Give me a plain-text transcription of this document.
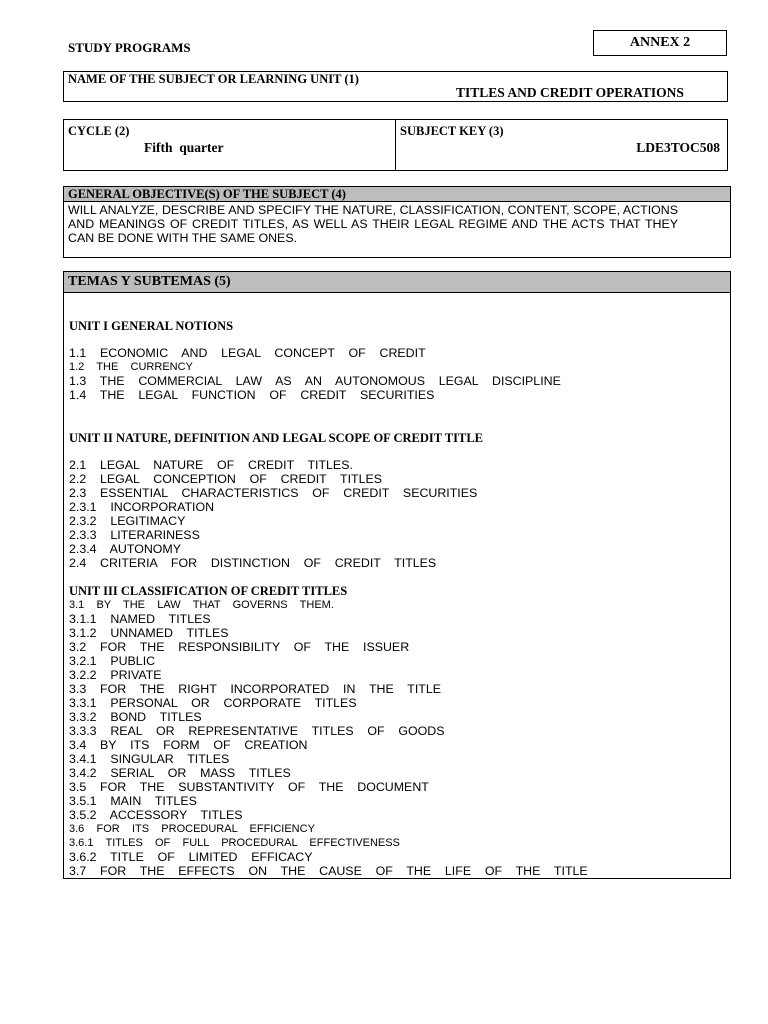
STUDY PROGRAMS	ANNEX 2
NAME OF THE SUBJECT OR LEARNING UNIT (1)
TITLES AND CREDIT OPERATIONS
CYCLE (2)
Fifth  quarter
SUBJECT KEY (3)
LDE3TOC508
GENERAL OBJECTIVE(S) OF THE SUBJECT (4)
WILL ANALYZE, DESCRIBE AND SPECIFY THE NATURE, CLASSIFICATION, CONTENT, SCOPE, ACTIONS AND MEANINGS OF CREDIT TITLES, AS WELL AS THEIR LEGAL REGIME AND THE ACTS THAT THEY CAN BE DONE WITH THE SAME ONES.
TEMAS Y SUBTEMAS (5)
UNIT I GENERAL NOTIONS
1.1    ECONOMIC    AND    LEGAL    CONCEPT    OF    CREDIT
1.2    THE    CURRENCY
1.3    THE    COMMERCIAL    LAW    AS    AN    AUTONOMOUS    LEGAL    DISCIPLINE
1.4    THE    LEGAL    FUNCTION    OF    CREDIT    SECURITIES
UNIT II NATURE, DEFINITION AND LEGAL SCOPE OF CREDIT TITLE
2.1    LEGAL    NATURE    OF    CREDIT    TITLES.
2.2    LEGAL    CONCEPTION    OF    CREDIT    TITLES
2.3    ESSENTIAL    CHARACTERISTICS    OF    CREDIT    SECURITIES
2.3.1    INCORPORATION
2.3.2    LEGITIMACY
2.3.3    LITERARINESS
2.3.4    AUTONOMY
2.4    CRITERIA    FOR    DISTINCTION    OF    CREDIT    TITLES
UNIT III CLASSIFICATION OF CREDIT TITLES
3.1    BY    THE    LAW    THAT    GOVERNS    THEM.
3.1.1    NAMED    TITLES
3.1.2    UNNAMED    TITLES
3.2    FOR    THE    RESPONSIBILITY    OF    THE    ISSUER
3.2.1    PUBLIC
3.2.2    PRIVATE
3.3    FOR    THE    RIGHT    INCORPORATED    IN    THE    TITLE
3.3.1    PERSONAL    OR    CORPORATE    TITLES
3.3.2    BOND    TITLES
3.3.3    REAL    OR    REPRESENTATIVE    TITLES    OF    GOODS
3.4    BY    ITS    FORM    OF    CREATION
3.4.1    SINGULAR    TITLES
3.4.2    SERIAL    OR    MASS    TITLES
3.5    FOR    THE    SUBSTANTIVITY    OF    THE    DOCUMENT
3.5.1    MAIN    TITLES
3.5.2    ACCESSORY    TITLES
3.6    FOR    ITS    PROCEDURAL    EFFICIENCY
3.6.1    TITLES    OF    FULL    PROCEDURAL    EFFECTIVENESS
3.6.2    TITLE    OF    LIMITED    EFFICACY
3.7    FOR    THE    EFFECTS    ON    THE    CAUSE    OF    THE    LIFE    OF    THE    TITLE
